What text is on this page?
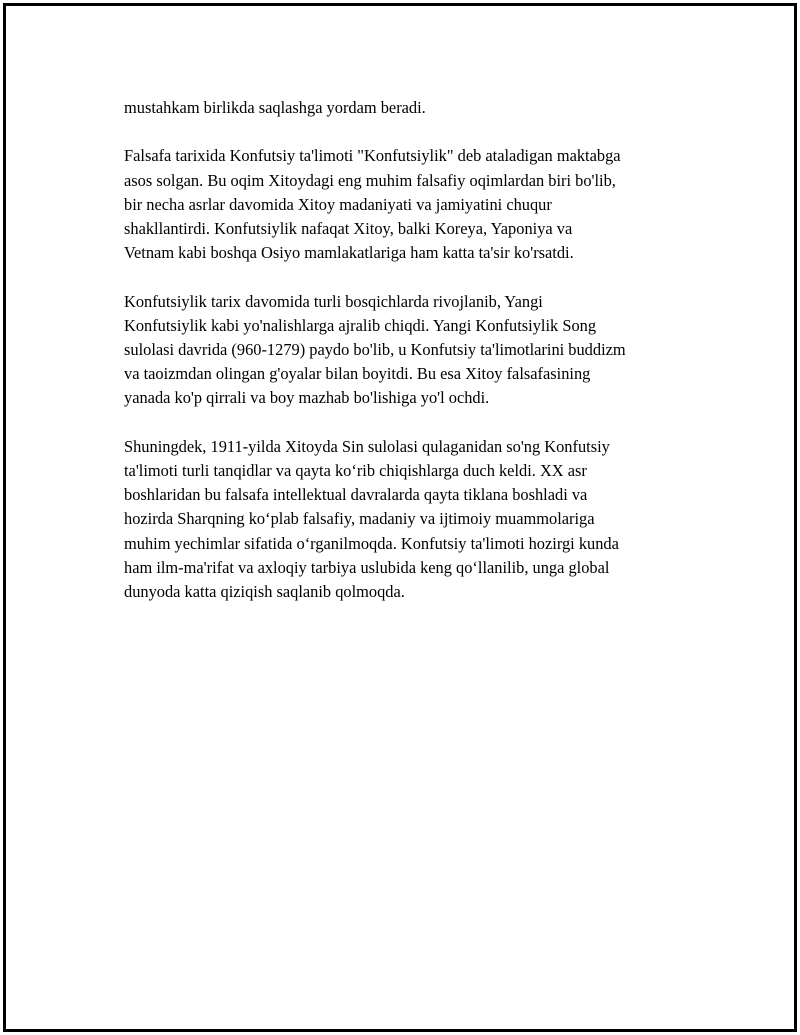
mustahkam birlikda saqlashga yordam beradi.

Falsafa tarixida Konfutsiy ta'limoti "Konfutsiylik" deb ataladigan maktabga
asos solgan. Bu oqim Xitoydagi eng muhim falsafiy oqimlardan biri bo'lib,
bir necha asrlar davomida Xitoy madaniyati va jamiyatini chuqur
shakllantirdi. Konfutsiylik nafaqat Xitoy, balki Koreya, Yaponiya va
Vetnam kabi boshqa Osiyo mamlakatlariga ham katta ta'sir ko'rsatdi.

Konfutsiylik tarix davomida turli bosqichlarda rivojlanib, Yangi
Konfutsiylik kabi yo'nalishlarga ajralib chiqdi. Yangi Konfutsiylik Song
sulolasi davrida (960-1279) paydo bo'lib, u Konfutsiy ta'limotlarini buddizm
va taoizmdan olingan g'oyalar bilan boyitdi. Bu esa Xitoy falsafasining
yanada ko'p qirrali va boy mazhab bo'lishiga yo'l ochdi.

Shuningdek, 1911-yilda Xitoyda Sin sulolasi qulaganidan so'ng Konfutsiy
ta'limoti turli tanqidlar va qayta ko‘rib chiqishlarga duch keldi. XX asr
boshlaridan bu falsafa intellektual davralarda qayta tiklana boshladi va
hozirda Sharqning ko‘plab falsafiy, madaniy va ijtimoiy muammolariga
muhim yechimlar sifatida o‘rganilmoqda. Konfutsiy ta'limoti hozirgi kunda
ham ilm-ma'rifat va axloqiy tarbiya uslubida keng qo‘llanilib, unga global
dunyoda katta qiziqish saqlanib qolmoqda.
